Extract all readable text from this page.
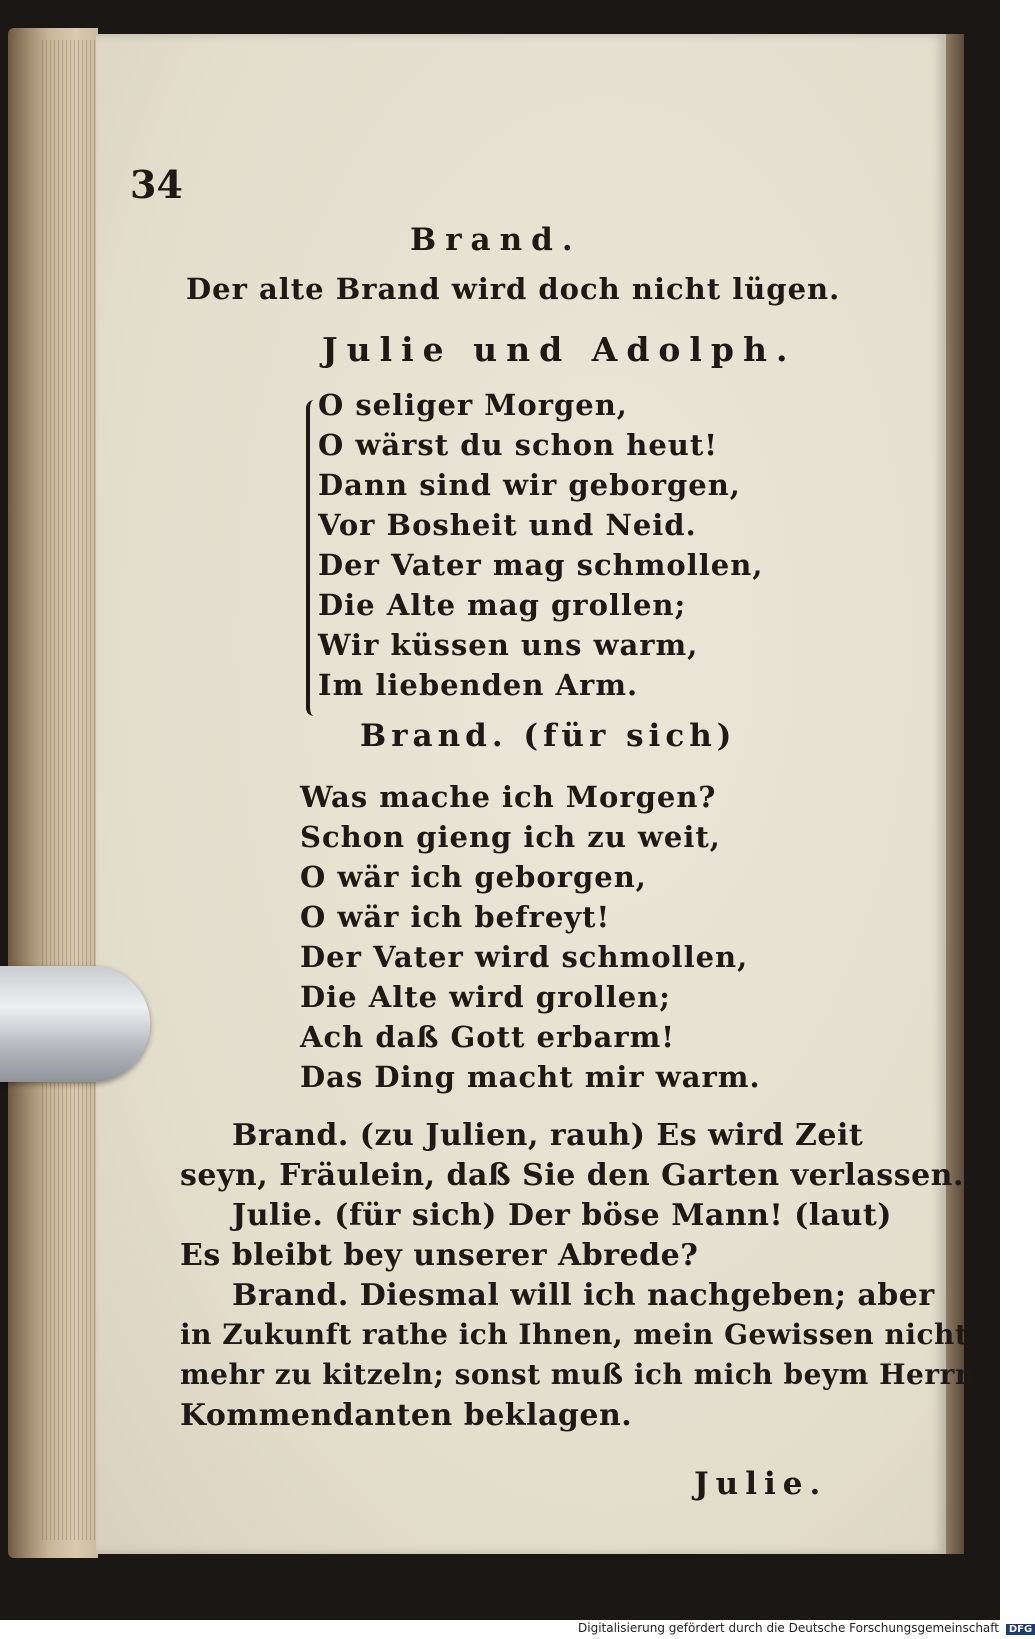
34
Brand.
Der alte Brand wird doch nicht lügen.
Julie und Adolph.
O seliger Morgen,
O wärst du schon heut!
Dann sind wir geborgen,
Vor Bosheit und Neid.
Der Vater mag schmollen,
Die Alte mag grollen;
Wir küssen uns warm,
Im liebenden Arm.
Brand. (für sich)
Was mache ich Morgen?
Schon gieng ich zu weit,
O wär ich geborgen,
O wär ich befreyt!
Der Vater wird schmollen,
Die Alte wird grollen;
Ach daß Gott erbarm!
Das Ding macht mir warm.
Brand. (zu Julien, rauh) Es wird Zeit
seyn, Fräulein, daß Sie den Garten verlassen.
Julie. (für sich) Der böse Mann! (laut)
Es bleibt bey unserer Abrede?
Brand. Diesmal will ich nachgeben; aber
in Zukunft rathe ich Ihnen, mein Gewissen nicht
mehr zu kitzeln; sonst muß ich mich beym Herrn
Kommendanten beklagen.
Julie.
Digitalisierung gefördert durch die Deutsche Forschungsgemeinschaft DFG
